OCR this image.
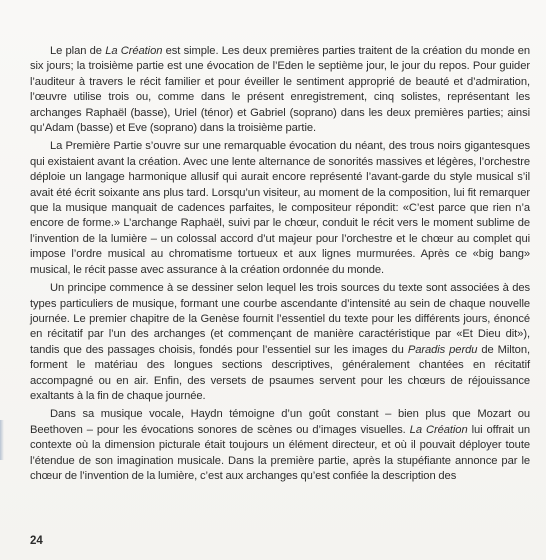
Le plan de La Création est simple. Les deux premières parties traitent de la création du monde en six jours; la troisième partie est une évocation de l’Eden le septième jour, le jour du repos. Pour guider l’auditeur à travers le récit familier et pour éveiller le sentiment approprié de beauté et d’admiration, l’œuvre utilise trois ou, comme dans le présent enregistrement, cinq solistes, représentant les archanges Raphaël (basse), Uriel (ténor) et Gabriel (soprano) dans les deux premières parties; ainsi qu’Adam (basse) et Eve (soprano) dans la troisième partie.

La Première Partie s’ouvre sur une remarquable évocation du néant, des trous noirs gigantesques qui existaient avant la création. Avec une lente alternance de sonorités massives et légères, l’orchestre déploie un langage harmonique allusif qui aurait encore représenté l’avant-garde du style musical s’il avait été écrit soixante ans plus tard. Lorsqu’un visiteur, au moment de la composition, lui fit remarquer que la musique manquait de cadences parfaites, le compositeur répondit: «C’est parce que rien n’a encore de forme.» L’archange Raphaël, suivi par le chœur, conduit le récit vers le moment sublime de l’invention de la lumière – un colossal accord d’ut majeur pour l’orchestre et le chœur au complet qui impose l’ordre musical au chromatisme tortueux et aux lignes murmurées. Après ce «big bang» musical, le récit passe avec assurance à la création ordonnée du monde.

Un principe commence à se dessiner selon lequel les trois sources du texte sont associées à des types particuliers de musique, formant une courbe ascendante d’intensité au sein de chaque nouvelle journée. Le premier chapitre de la Genèse fournit l’essentiel du texte pour les différents jours, énoncé en récitatif par l’un des archanges (et commençant de manière caractéristique par «Et Dieu dit»), tandis que des passages choisis, fondés pour l’essentiel sur les images du Paradis perdu de Milton, forment le matériau des longues sections descriptives, généralement chantées en récitatif accompagné ou en air. Enfin, des versets de psaumes servent pour les chœurs de réjouissance exaltants à la fin de chaque journée.

Dans sa musique vocale, Haydn témoigne d’un goût constant – bien plus que Mozart ou Beethoven – pour les évocations sonores de scènes ou d’images visuelles. La Création lui offrait un contexte où la dimension picturale était toujours un élément directeur, et où il pouvait déployer toute l’étendue de son imagination musicale. Dans la première partie, après la stupéfiante annonce par le chœur de l’invention de la lumière, c’est aux archanges qu’est confiée la description des

24
